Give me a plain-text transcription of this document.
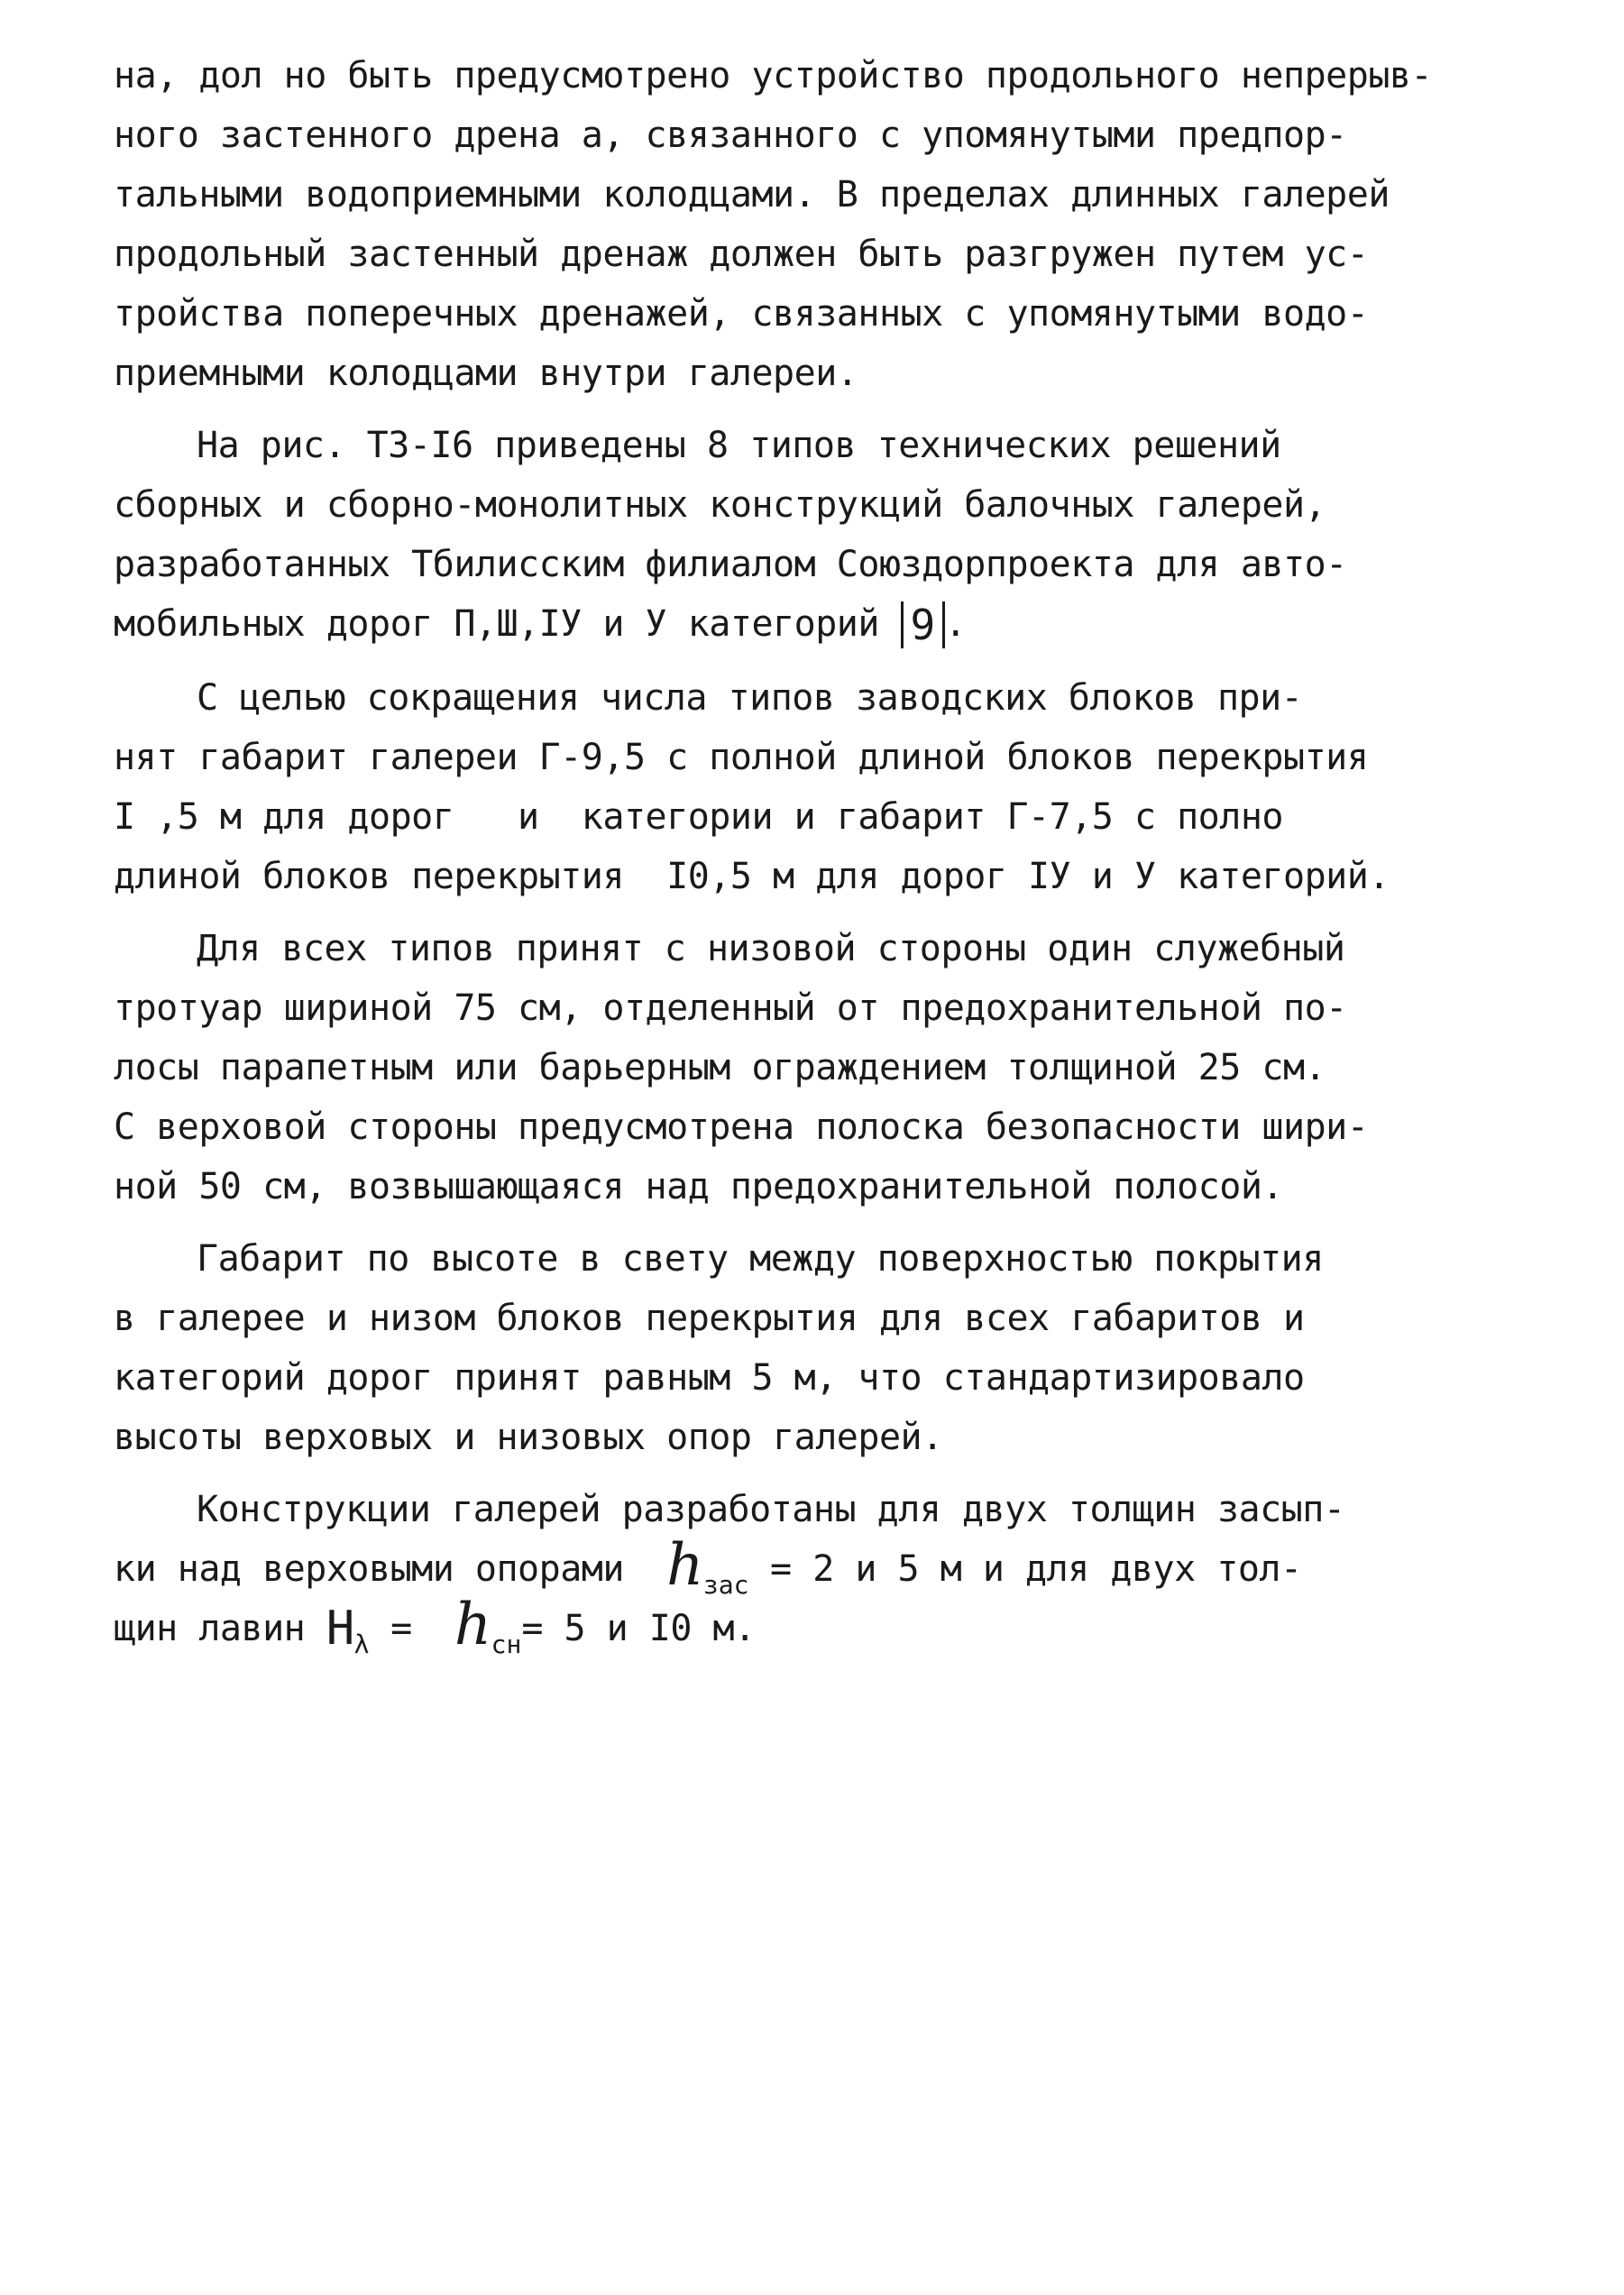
на, дол но быть предусмотрено устройство продольного непрерыв-
ного застенного дрена а, связанного с упомянутыми предпор-
тальными водоприемными колодцами. В пределах длинных галерей
продольный застенный дренаж должен быть разгружен путем ус-
тройства поперечных дренажей, связанных с упомянутыми водо-
приемными колодцами внутри галереи.
На рис. Т3-І6 приведены 8 типов технических решений
сборных и сборно-монолитных конструкций балочных галерей,
разработанных Тбилисским филиалом Союздорпроекта для авто-
мобильных дорог П,Ш,ІУ и У категорий 9 .
С целью сокращения числа типов заводских блоков при-
нят габарит галереи Г-9,5 с полной длиной блоков перекрытия
І ,5 м для дорог   и  категории и габарит Г-7,5 с полно
длиной блоков перекрытия  І0,5 м для дорог ІУ и У категорий.
Для всех типов принят с низовой стороны один служебный
тротуар шириной 75 см, отделенный от предохранительной по-
лосы парапетным или барьерным ограждением толщиной 25 см.
С верховой стороны предусмотрена полоска безопасности шири-
ной 50 см, возвышающаяся над предохранительной полосой.
Габарит по высоте в свету между поверхностью покрытия
в галерее и низом блоков перекрытия для всех габаритов и
категорий дорог принят равным 5 м, что стандартизировало
высоты верховых и низовых опор галерей.
Конструкции галерей разработаны для двух толщин засып-
ки над верховыми опорами $h_{зас} = 2$ и 5 м и для двух тол-
щин лавин $H_\lambda = h_{сн}= 5$ и І0 м.
